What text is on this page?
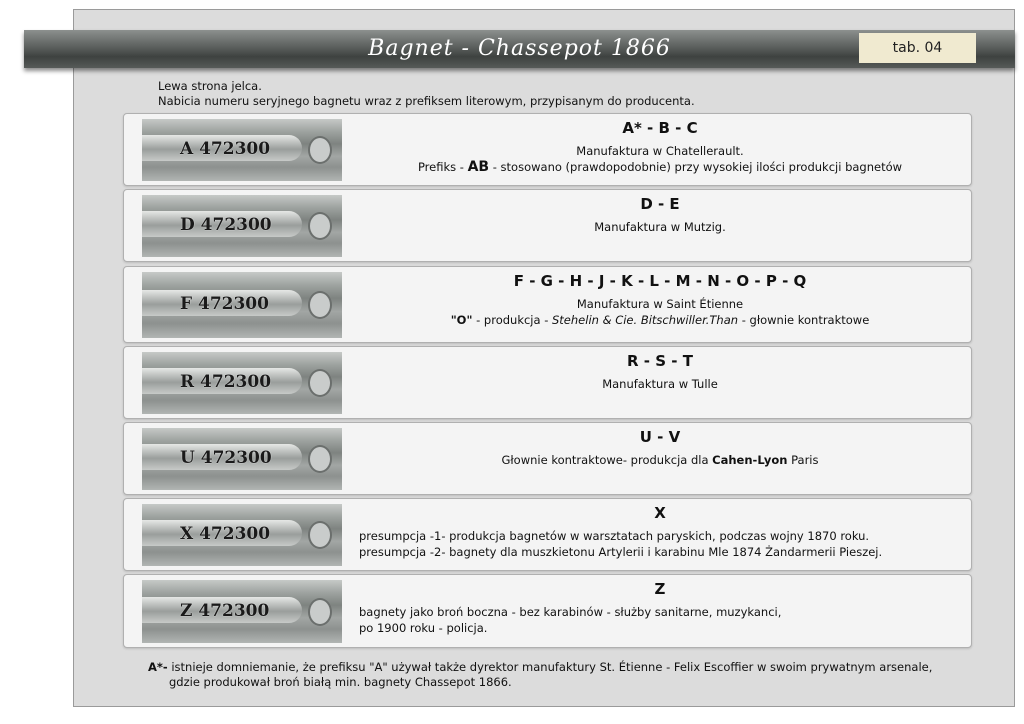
Bagnet - Chassepot 1866	tab. 04
Lewa strona jelca.
Nabicia numeru seryjnego bagnetu wraz z prefiksem literowym, przypisanym do producenta.
A 472300
A* - B - C
Manufaktura w Chatellerault.
Prefiks - AB - stosowano (prawdopodobnie) przy wysokiej ilości produkcji bagnetów
D 472300
D - E
Manufaktura w Mutzig.
F 472300
F - G - H - J - K - L - M - N - O - P - Q
Manufaktura w Saint Étienne
"O" - produkcja - Stehelin & Cie. Bitschwiller.Than - głownie kontraktowe
R 472300
R - S - T
Manufaktura w Tulle
U 472300
U - V
Głownie kontraktowe- produkcja dla Cahen-Lyon Paris
X 472300
X
presumpcja -1- produkcja bagnetów w warsztatach paryskich, podczas wojny 1870 roku.
presumpcja -2- bagnety dla muszkietonu Artylerii i karabinu Mle 1874 Żandarmerii Pieszej.
Z 472300
Z
bagnety jako broń boczna - bez karabinów - służby sanitarne, muzykanci,
po 1900 roku - policja.
A*- istnieje domniemanie, że prefiksu "A" używał także dyrektor manufaktury St. Étienne - Felix Escoffier w swoim prywatnym arsenale,
gdzie produkował broń białą min. bagnety Chassepot 1866.
